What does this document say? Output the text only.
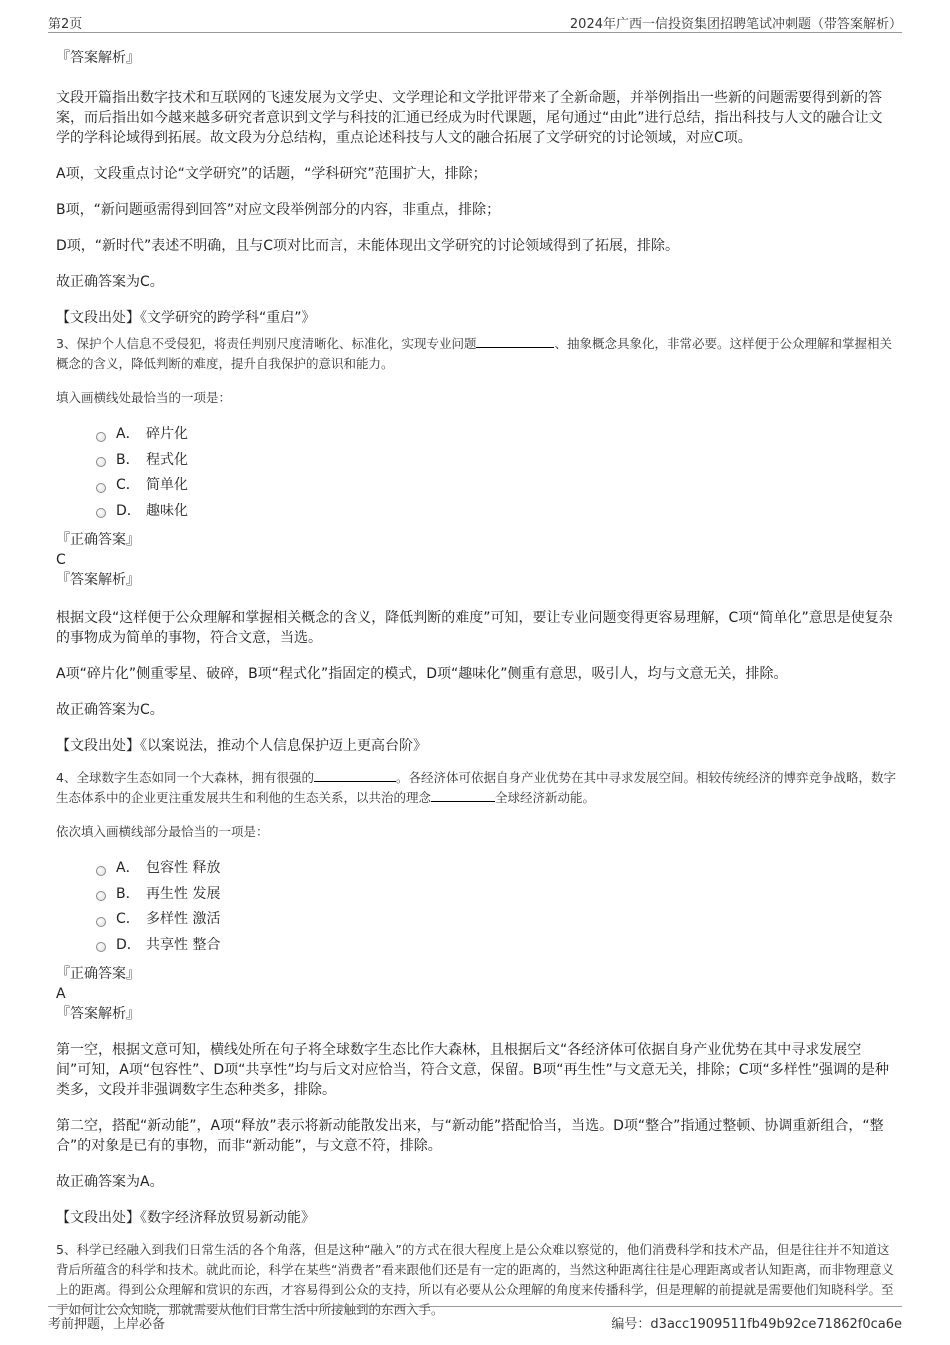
第2页	2024年广西一信投资集团招聘笔试冲刺题（带答案解析）

『答案解析』

文段开篇指出数字技术和互联网的飞速发展为文学史、文学理论和文学批评带来了全新命题，并举例指出一些新的问题需要得到新的答案，而后指出如今越来越多研究者意识到文学与科技的汇通已经成为时代课题，尾句通过“由此”进行总结，指出科技与人文的融合让文学的学科论域得到拓展。故文段为分总结构，重点论述科技与人文的融合拓展了文学研究的讨论领域，对应C项。

A项，文段重点讨论“文学研究”的话题，“学科研究”范围扩大，排除；

B项，“新问题亟需得到回答”对应文段举例部分的内容，非重点，排除；

D项，“新时代”表述不明确，且与C项对比而言，未能体现出文学研究的讨论领域得到了拓展，排除。

故正确答案为C。

【文段出处】《文学研究的跨学科“重启”》

3、保护个人信息不受侵犯，将责任判别尺度清晰化、标准化，实现专业问题	、抽象概念具象化，非常必要。这样便于公众理解和掌握相关概念的含义，降低判断的难度，提升自我保护的意识和能力。

填入画横线处最恰当的一项是：

A． 碎片化
B． 程式化
C． 简单化
D． 趣味化

『正确答案』

C

『答案解析』

根据文段“这样便于公众理解和掌握相关概念的含义，降低判断的难度”可知，要让专业问题变得更容易理解，C项“简单化”意思是使复杂的事物成为简单的事物，符合文意，当选。

A项“碎片化”侧重零星、破碎，B项“程式化”指固定的模式，D项“趣味化”侧重有意思，吸引人，均与文意无关，排除。

故正确答案为C。

【文段出处】《以案说法，推动个人信息保护迈上更高台阶》

4、全球数字生态如同一个大森林，拥有很强的	。各经济体可依据自身产业优势在其中寻求发展空间。相较传统经济的博弈竞争战略，数字生态体系中的企业更注重发展共生和利他的生态关系，以共治的理念	全球经济新动能。

依次填入画横线部分最恰当的一项是：

A． 包容性 释放
B． 再生性 发展
C． 多样性 激活
D． 共享性 整合

『正确答案』

A

『答案解析』

第一空，根据文意可知，横线处所在句子将全球数字生态比作大森林，且根据后文“各经济体可依据自身产业优势在其中寻求发展空间”可知，A项“包容性”、D项“共享性”均与后文对应恰当，符合文意，保留。B项“再生性”与文意无关，排除；C项“多样性”强调的是种类多，文段并非强调数字生态种类多，排除。

第二空，搭配“新动能”，A项“释放”表示将新动能散发出来，与“新动能”搭配恰当，当选。D项“整合”指通过整顿、协调重新组合，“整合”的对象是已有的事物，而非“新动能”，与文意不符，排除。

故正确答案为A。

【文段出处】《数字经济释放贸易新动能》

5、科学已经融入到我们日常生活的各个角落，但是这种“融入”的方式在很大程度上是公众难以察觉的，他们消费科学和技术产品，但是往往并不知道这背后所蕴含的科学和技术。就此而论，科学在某些“消费者”看来跟他们还是有一定的距离的，当然这种距离往往是心理距离或者认知距离，而非物理意义上的距离。得到公众理解和赏识的东西，才容易得到公众的支持，所以有必要从公众理解的角度来传播科学，但是理解的前提就是需要他们知晓科学。至于如何让公众知晓，那就需要从他们日常生活中所接触到的东西入手。

考前押题，上岸必备	编号：d3acc1909511fb49b92ce71862f0ca6e
